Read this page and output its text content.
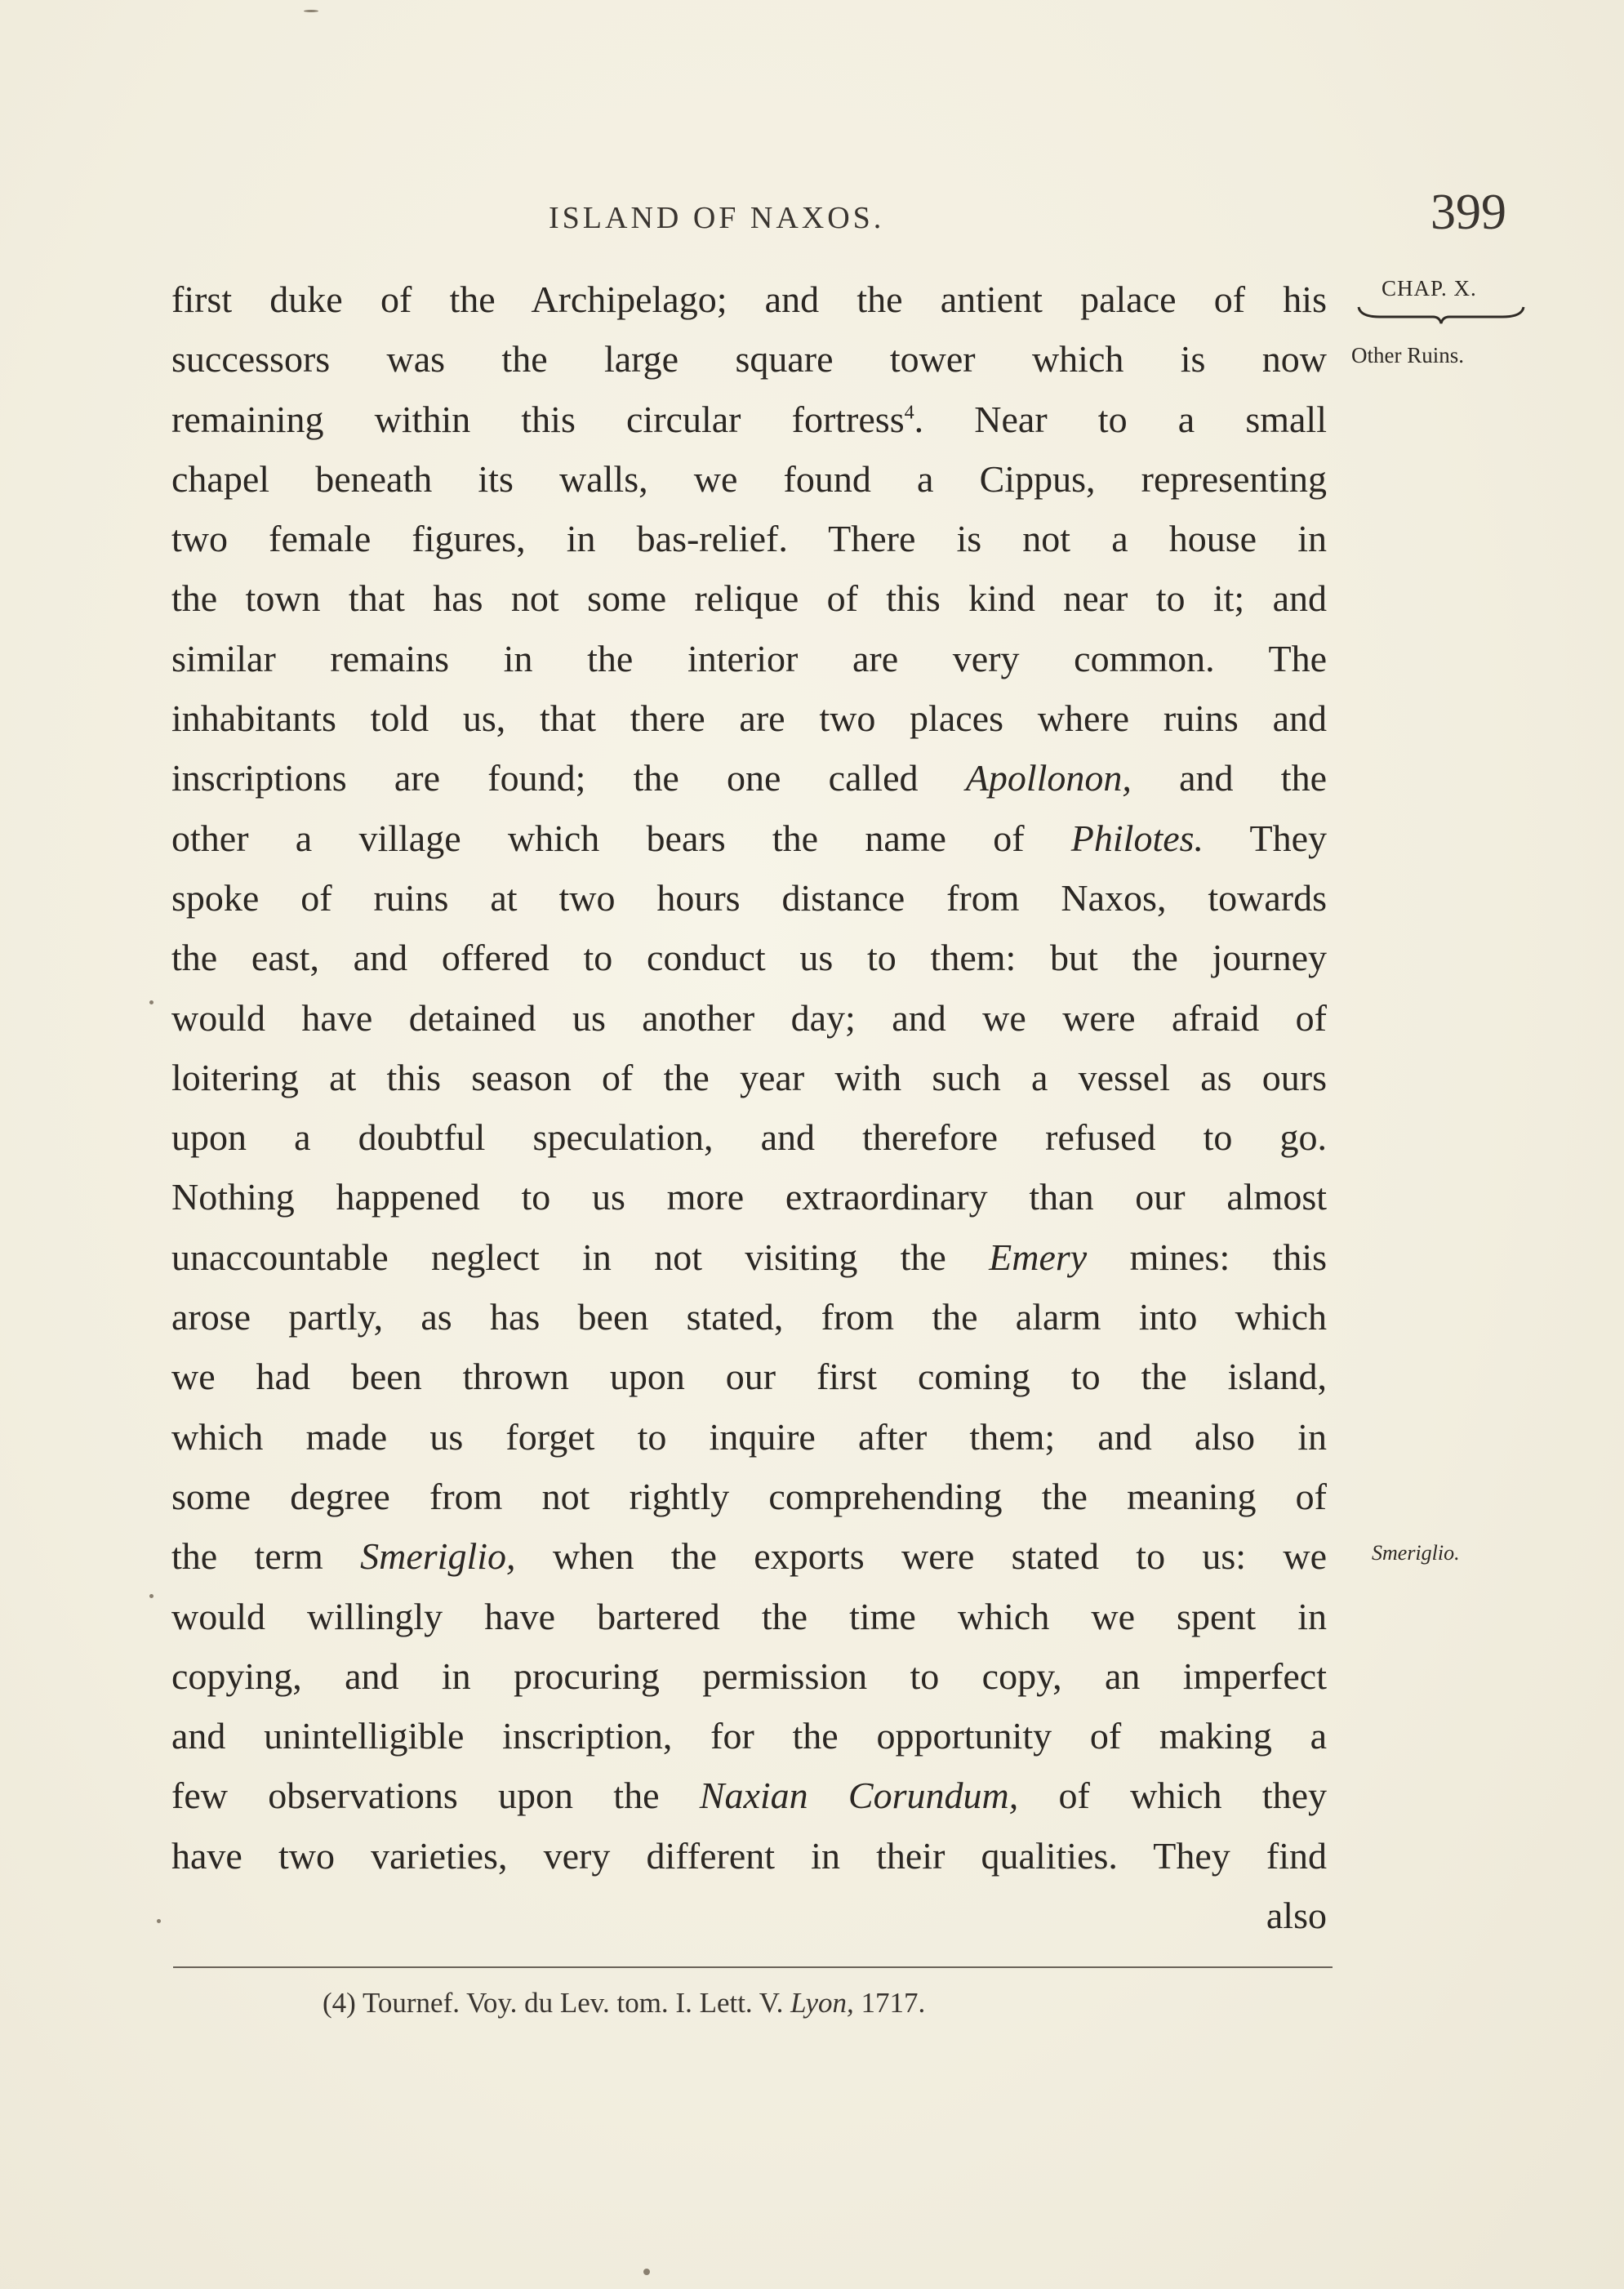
ISLAND OF NAXOS.	399
CHAP. X.
Other Ruins.
Smeriglio.
first duke of the Archipelago; and the antient palace of his
successors was the large square tower which is now
remaining within this circular fortress$^4$. Near to a small
chapel beneath its walls, we found a Cippus, representing
two female figures, in bas-relief. There is not a house in
the town that has not some relique of this kind near to it; and
similar remains in the interior are very common. The
inhabitants told us, that there are two places where ruins and
inscriptions are found; the one called Apollonon, and the
other a village which bears the name of Philotes. They
spoke of ruins at two hours distance from Naxos, towards
the east, and offered to conduct us to them: but the journey
would have detained us another day; and we were afraid of
loitering at this season of the year with such a vessel as ours
upon a doubtful speculation, and therefore refused to go.
Nothing happened to us more extraordinary than our almost
unaccountable neglect in not visiting the Emery mines: this
arose partly, as has been stated, from the alarm into which
we had been thrown upon our first coming to the island,
which made us forget to inquire after them; and also in
some degree from not rightly comprehending the meaning of
the term Smeriglio, when the exports were stated to us: we
would willingly have bartered the time which we spent in
copying, and in procuring permission to copy, an imperfect
and unintelligible inscription, for the opportunity of making a
few observations upon the Naxian Corundum, of which they
have two varieties, very different in their qualities. They find
also
(4) Tournef. Voy. du Lev. tom. I. Lett. V. Lyon, 1717.
